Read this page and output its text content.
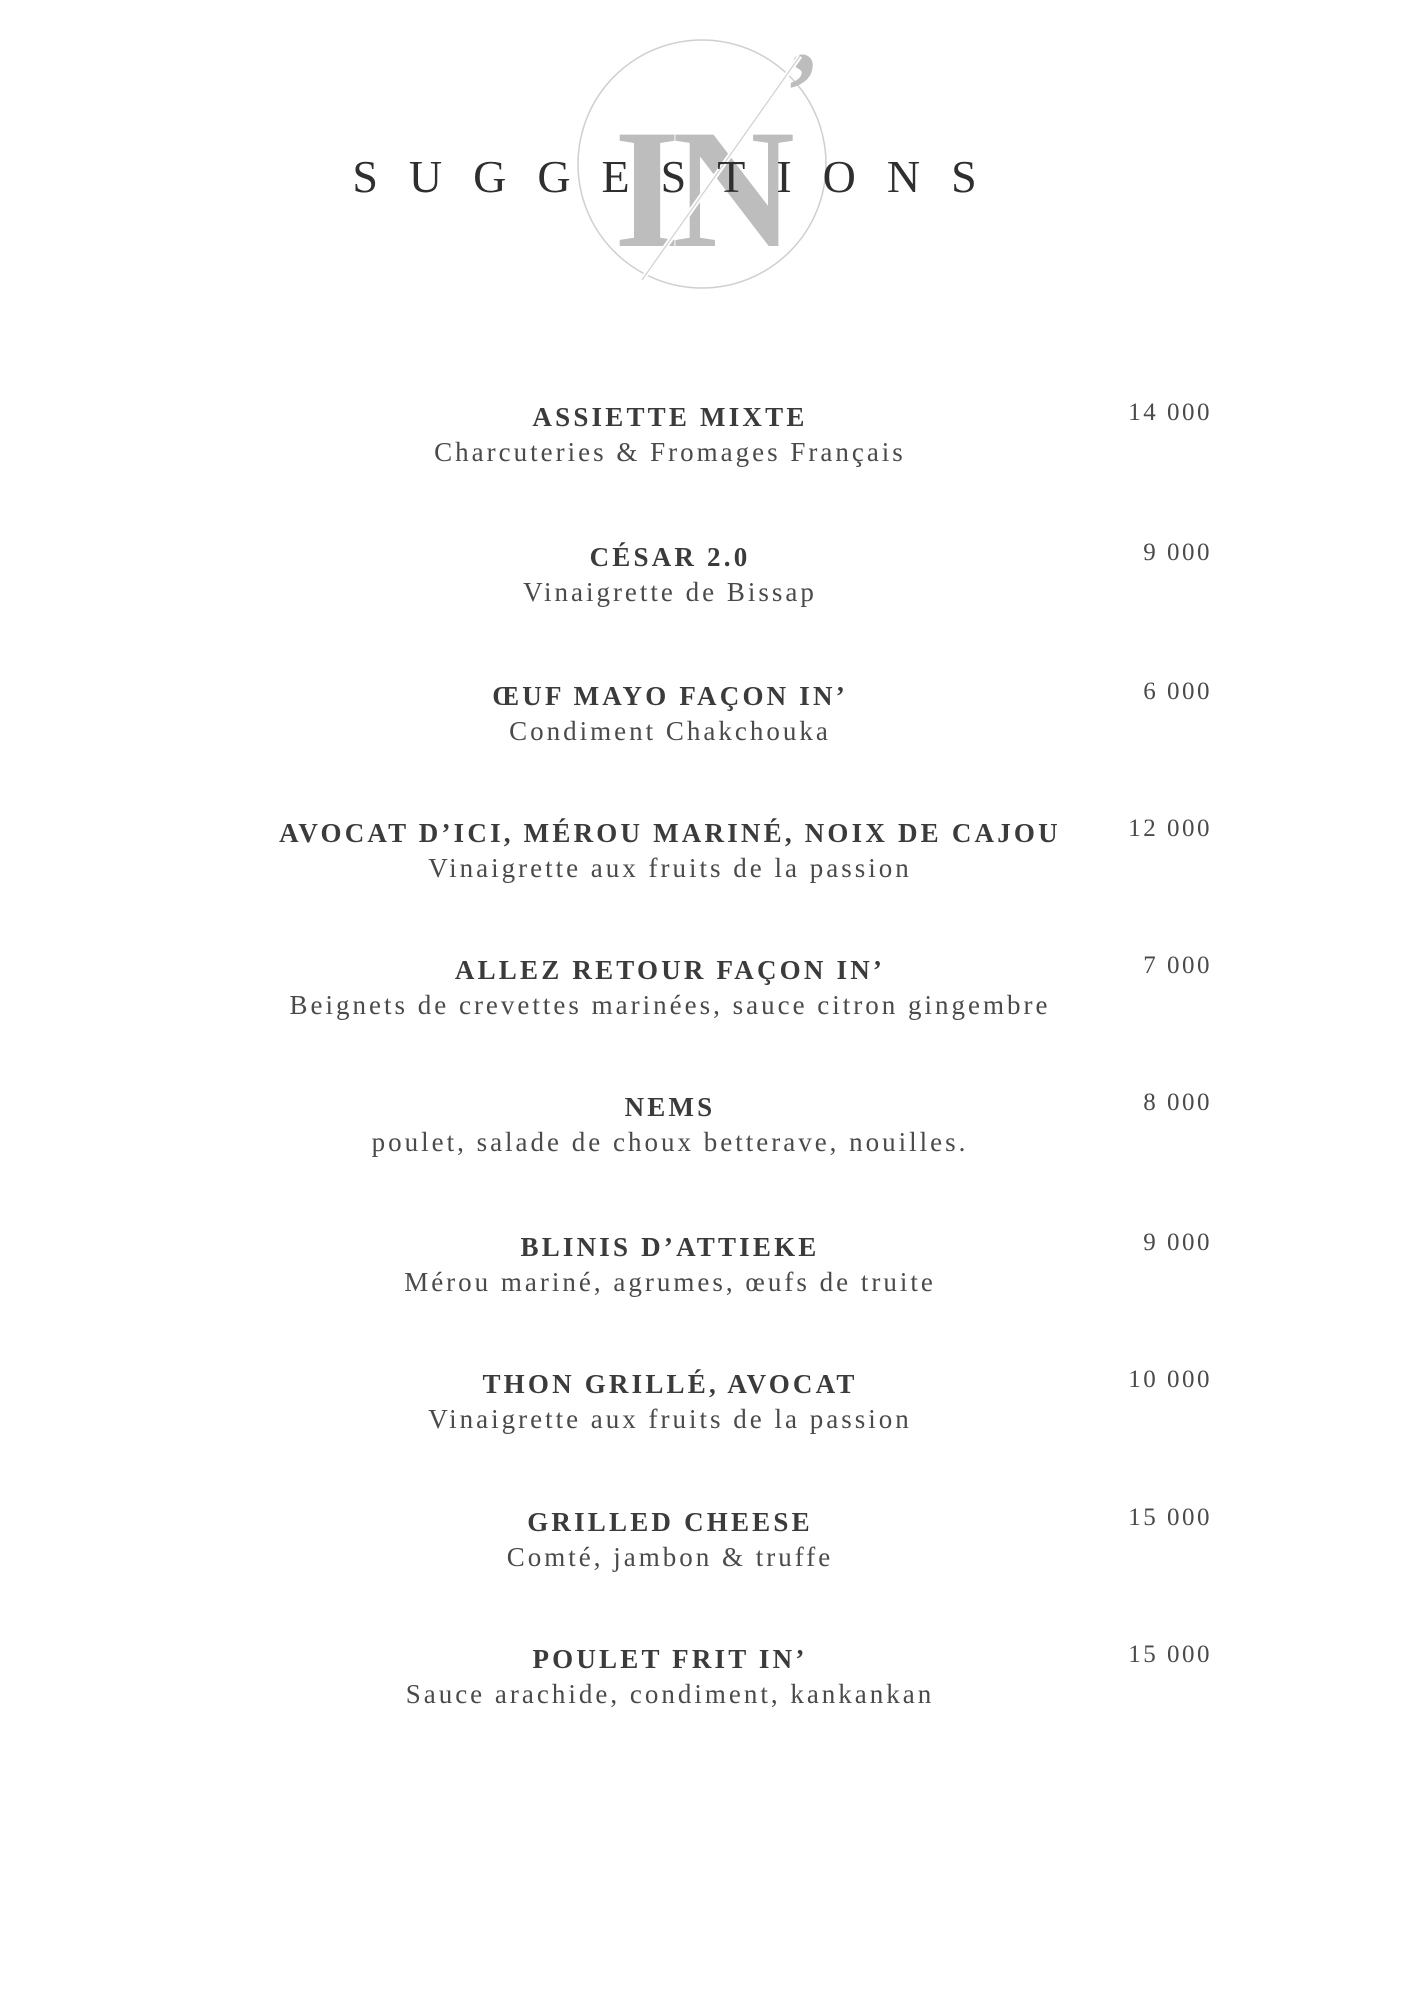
IN
’
SUGGESTIONS
ASSIETTE MIXTE
Charcuteries & Fromages Français
14 000
CÉSAR 2.0
Vinaigrette de Bissap
9 000
ŒUF MAYO FAÇON IN’
Condiment Chakchouka
6 000
AVOCAT D’ICI, MÉROU MARINÉ, NOIX DE CAJOU
Vinaigrette aux fruits de la passion
12 000
ALLEZ RETOUR FAÇON IN’
Beignets de crevettes marinées, sauce citron gingembre
7 000
NEMS
poulet, salade de choux betterave, nouilles.
8 000
BLINIS D’ATTIEKE
Mérou mariné, agrumes, œufs de truite
9 000
THON GRILLÉ, AVOCAT
Vinaigrette aux fruits de la passion
10 000
GRILLED CHEESE
Comté, jambon & truffe
15 000
POULET FRIT IN’
Sauce arachide, condiment, kankankan
15 000
